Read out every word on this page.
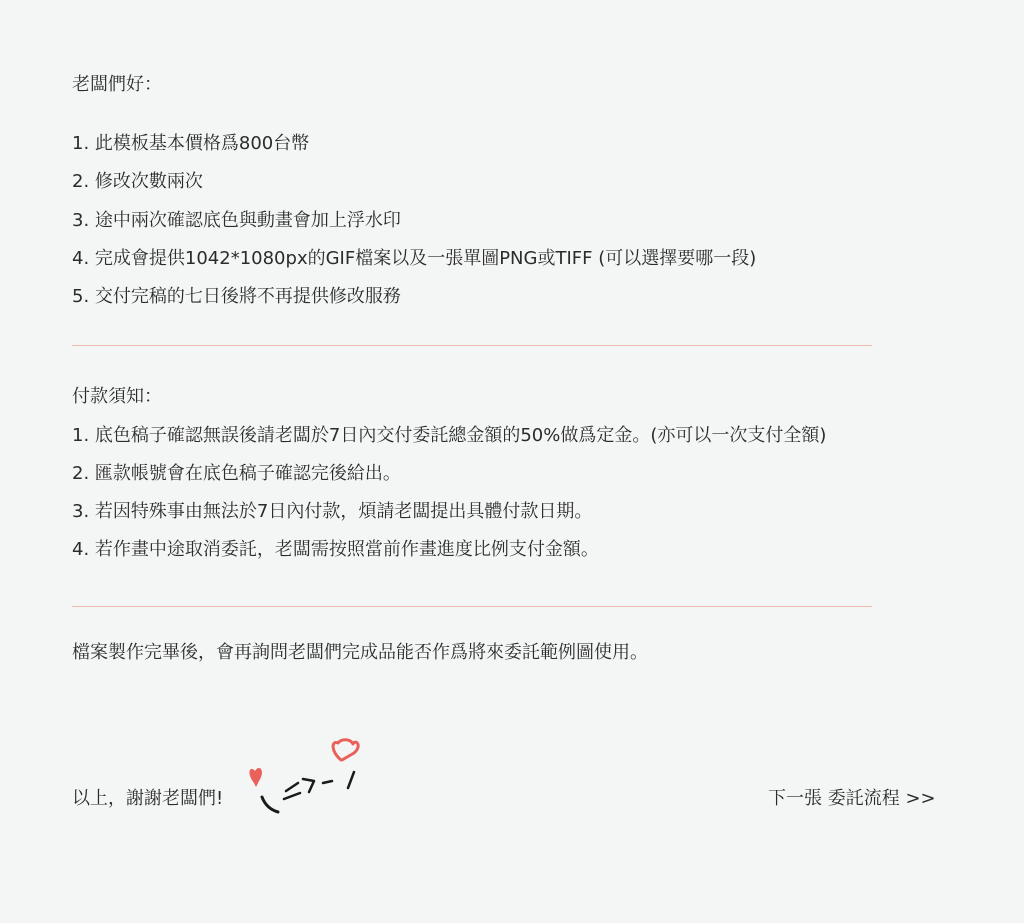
老闆們好：
1. 此模板基本價格爲800台幣
2. 修改次數兩次
3. 途中兩次確認底色與動畫會加上浮水印
4. 完成會提供1042*1080px的GIF檔案以及一張單圖PNG或TIFF (可以選擇要哪一段)
5. 交付完稿的七日後將不再提供修改服務
付款須知：
1. 底色稿子確認無誤後請老闆於7日內交付委託總金額的50%做爲定金。(亦可以一次支付全額)
2. 匯款帳號會在底色稿子確認完後給出。
3. 若因特殊事由無法於7日內付款，煩請老闆提出具體付款日期。
4. 若作畫中途取消委託，老闆需按照當前作畫進度比例支付金額。
檔案製作完畢後，會再詢問老闆們完成品能否作爲將來委託範例圖使用。
以上，謝謝老闆們!	下一張 委託流程 >>
